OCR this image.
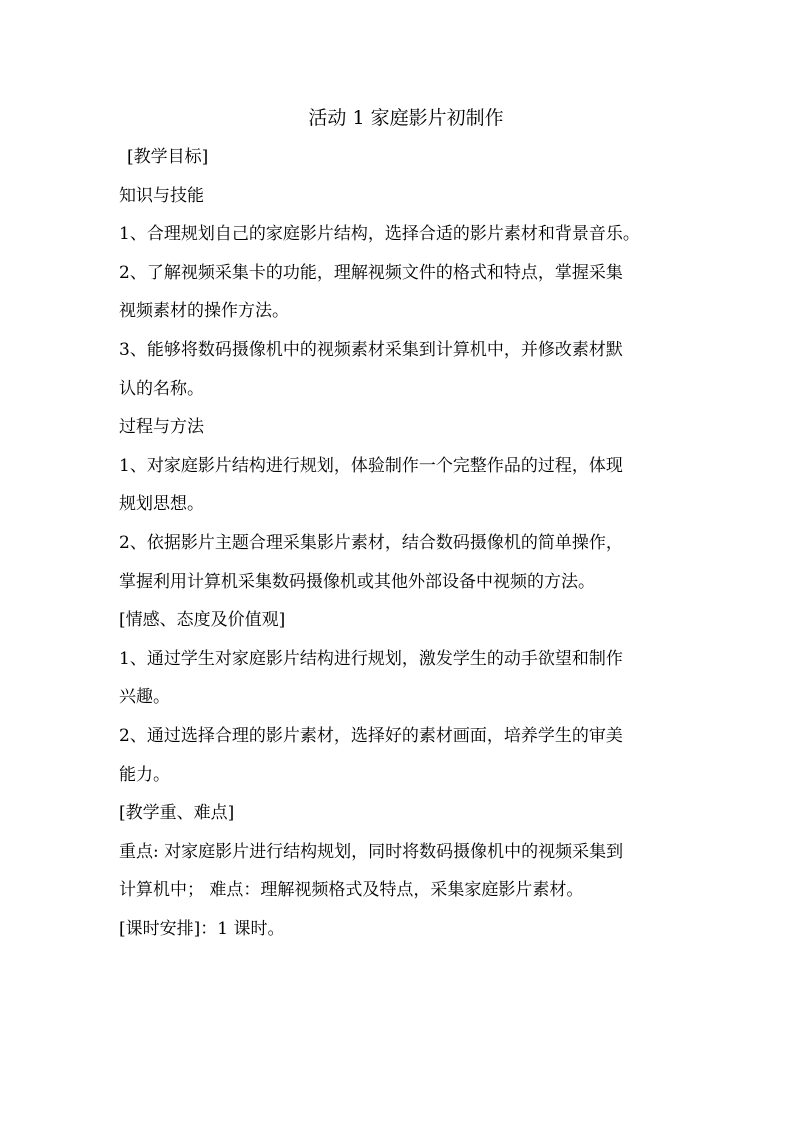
活动 1 家庭影片初制作

[教学目标]

知识与技能

1、合理规划自己的家庭影片结构，选择合适的影片素材和背景音乐。

2、了解视频采集卡的功能，理解视频文件的格式和特点，掌握采集

视频素材的操作方法。

3、能够将数码摄像机中的视频素材采集到计算机中，并修改素材默

认的名称。

过程与方法

1、对家庭影片结构进行规划，体验制作一个完整作品的过程，体现

规划思想。

2、依据影片主题合理采集影片素材，结合数码摄像机的简单操作，

掌握利用计算机采集数码摄像机或其他外部设备中视频的方法。

[情感、态度及价值观]

1、通过学生对家庭影片结构进行规划，激发学生的动手欲望和制作

兴趣。

2、通过选择合理的影片素材，选择好的素材画面，培养学生的审美

能力。

[教学重、难点]

重点: 对家庭影片进行结构规划，同时将数码摄像机中的视频采集到

计算机中； 难点：理解视频格式及特点，采集家庭影片素材。

[课时安排]：1 课时。
